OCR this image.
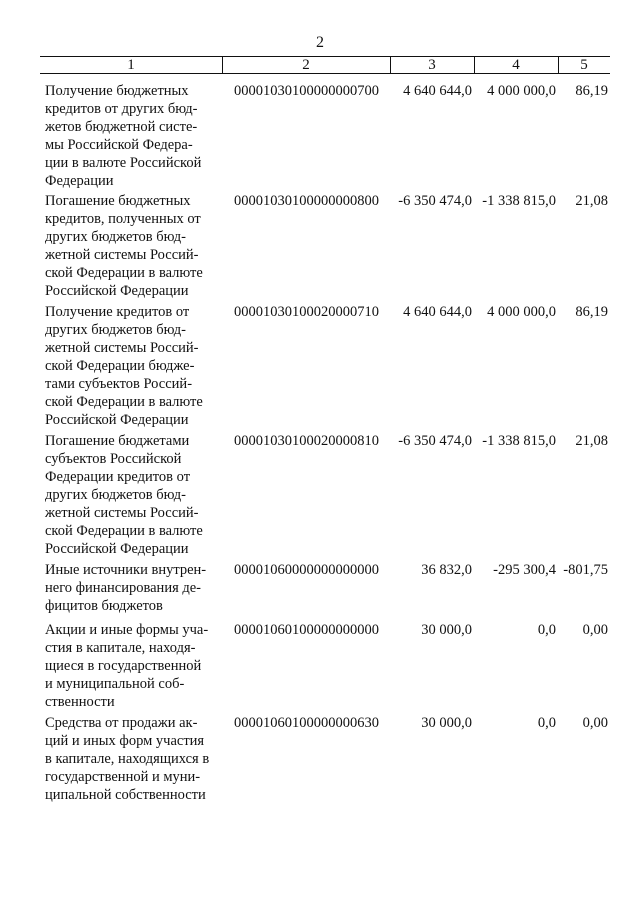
2
1	2	3	4	5
Получение бюджетных
кредитов от других бюд-
жетов бюджетной систе-
мы Российской Федера-
ции в валюте Российской
Федерации
00001030100000000700	4 640 644,0	4 000 000,0	86,19
Погашение бюджетных
кредитов, полученных от
других бюджетов бюд-
жетной системы Россий-
ской Федерации в валюте
Российской Федерации
00001030100000000800	-6 350 474,0 -1 338 815,0	21,08
Получение кредитов от
других бюджетов бюд-
жетной системы Россий-
ской Федерации бюдже-
тами субъектов Россий-
ской Федерации в валюте
Российской Федерации
00001030100020000710	4 640 644,0	4 000 000,0	86,19
Погашение бюджетами
субъектов Российской
Федерации кредитов от
других бюджетов бюд-
жетной системы Россий-
ской Федерации в валюте
Российской Федерации
00001030100020000810	-6 350 474,0 -1 338 815,0	21,08
Иные источники внутрен-
него финансирования де-
фицитов бюджетов
00001060000000000000	36 832,0	-295 300,4 -801,75
Акции и иные формы уча-
стия в капитале, находя-
щиеся в государственной
и муниципальной соб-
ственности
00001060100000000000	30 000,0	0,0	0,00
Средства от продажи ак-
ций и иных форм участия
в капитале, находящихся в
государственной и муни-
ципальной собственности
00001060100000000630	30 000,0	0,0	0,00
